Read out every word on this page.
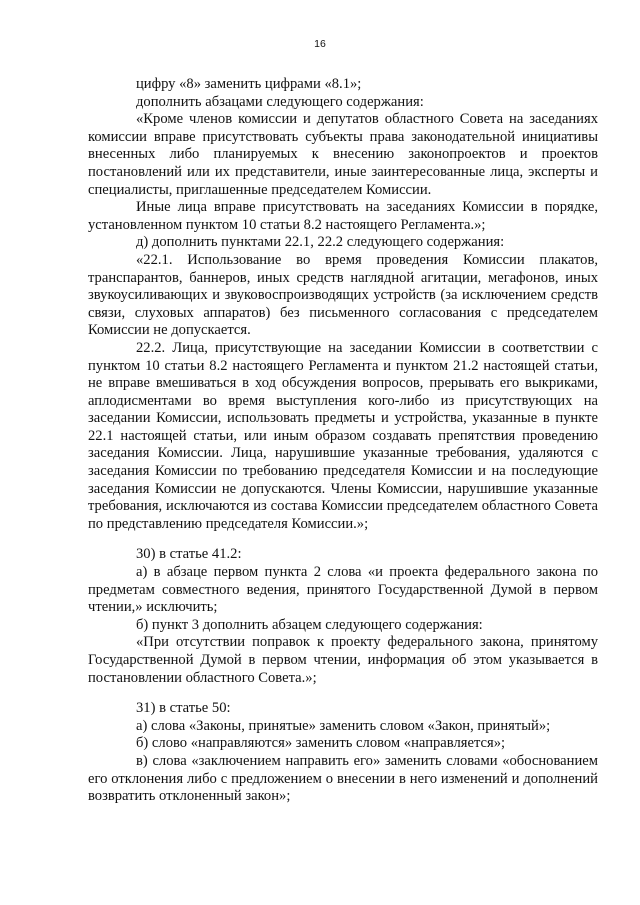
16

цифру «8» заменить цифрами «8.1»;

дополнить абзацами следующего содержания:

«Кроме членов комиссии и депутатов областного Совета на заседаниях комиссии вправе присутствовать субъекты права законодательной инициативы внесенных либо планируемых к внесению законопроектов и проектов постановлений или их представители, иные заинтересованные лица, эксперты и специалисты, приглашенные председателем Комиссии.

Иные лица вправе присутствовать на заседаниях Комиссии в порядке, установленном пунктом 10 статьи 8.2 настоящего Регламента.»;

д) дополнить пунктами 22.1, 22.2 следующего содержания:

«22.1. Использование во время проведения Комиссии плакатов, транспарантов, баннеров, иных средств наглядной агитации, мегафонов, иных звукоусиливающих и звуковоспроизводящих устройств (за исключением средств связи, слуховых аппаратов) без письменного согласования с председателем Комиссии не допускается.

22.2. Лица, присутствующие на заседании Комиссии в соответствии с пунктом 10 статьи 8.2 настоящего Регламента и пунктом 21.2 настоящей статьи, не вправе вмешиваться в ход обсуждения вопросов, прерывать его выкриками, аплодисментами во время выступления кого-либо из присутствующих на заседании Комиссии, использовать предметы и устройства, указанные в пункте 22.1 настоящей статьи, или иным образом создавать препятствия проведению заседания Комиссии. Лица, нарушившие указанные требования, удаляются с заседания Комиссии по требованию председателя Комиссии и на последующие заседания Комиссии не допускаются. Члены Комиссии, нарушившие указанные требования, исключаются из состава Комиссии председателем областного Совета по представлению председателя Комиссии.»;

30) в статье 41.2:

а) в абзаце первом пункта 2 слова «и проекта федерального закона по предметам совместного ведения, принятого Государственной Думой в первом чтении,» исключить;

б) пункт 3 дополнить абзацем следующего содержания:

«При отсутствии поправок к проекту федерального закона, принятому Государственной Думой в первом чтении, информация об этом указывается в постановлении областного Совета.»;

31) в статье 50:

а) слова «Законы, принятые» заменить словом «Закон, принятый»;

б) слово «направляются» заменить словом «направляется»;

в) слова «заключением направить его» заменить словами «обоснованием его отклонения либо с предложением о внесении в него изменений и дополнений возвратить отклоненный закон»;
